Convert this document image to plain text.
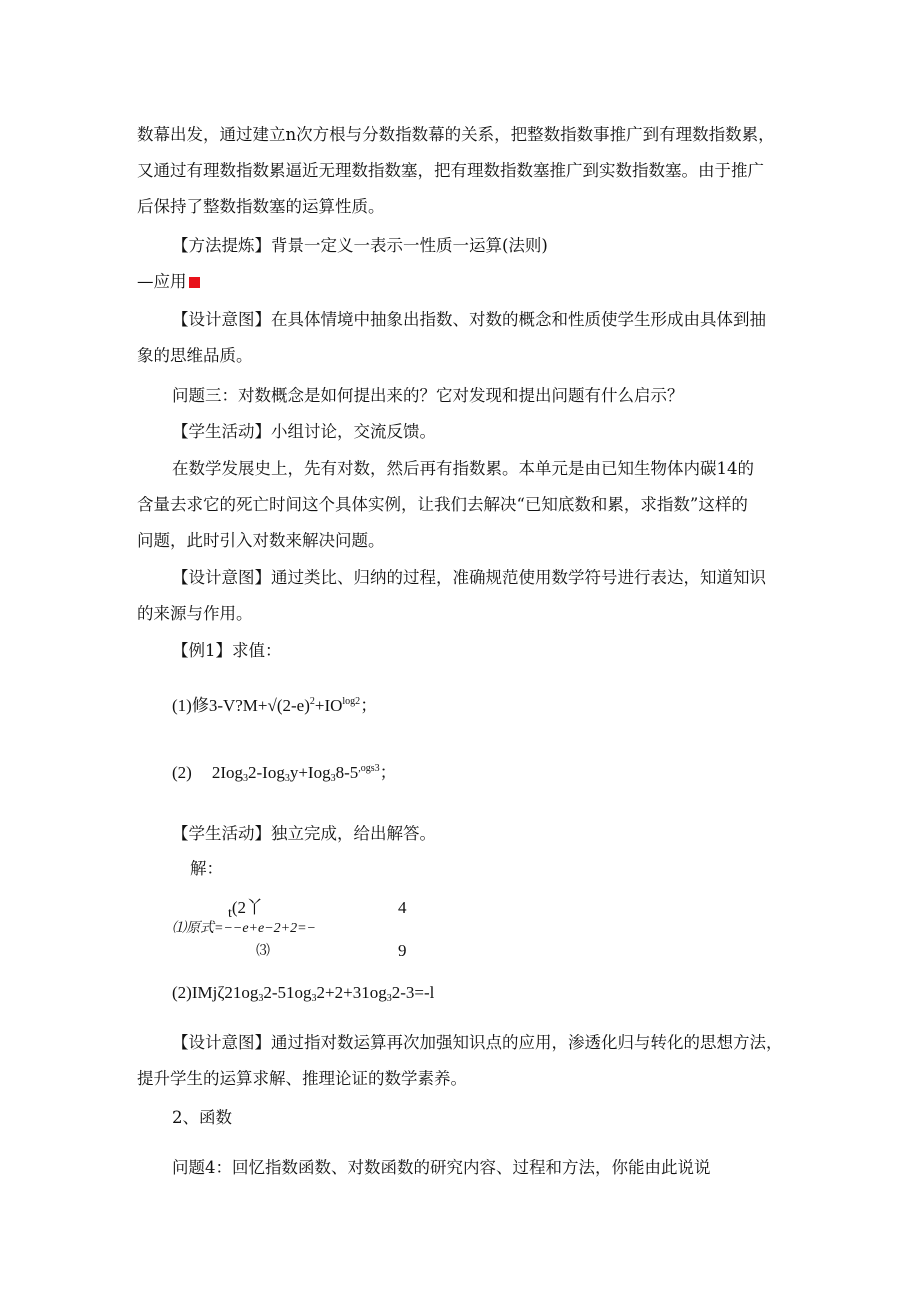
数幕出发，通过建立n次方根与分数指数幕的关系，把整数指数事推广到有理数指数累，
又通过有理数指数累逼近无理数指数塞，把有理数指数塞推广到实数指数塞。由于推广
后保持了整数指数塞的运算性质。
【方法提炼】背景一定义一表示一性质一运算(法则)
—应用
【设计意图】在具体情境中抽象出指数、对数的概念和性质使学生形成由具体到抽
象的思维品质。
问题三：对数概念是如何提出来的？它对发现和提出问题有什么启示？
【学生活动】小组讨论，交流反馈。
在数学发展史上，先有对数，然后再有指数累。本单元是由已知生物体内碳14的
含量去求它的死亡时间这个具体实例，让我们去解决“已知底数和累，求指数”这样的
问题，此时引入对数来解决问题。
【设计意图】通过类比、归纳的过程，准确规范使用数学符号进行表达，知道知识
的来源与作用。
【例1】求值：
(1)修$3-V?M+√(2-e)^2+IO^{log2}$；
(2) $2Iog_32-Iog_3y+Iog_38-5^{,ogs3}$；
【学生活动】独立完成，给出解答。
解：
$_t$(2丫	4
⑴原式=−−e+e−2+2=−
⑶	9
$(2)IMj\zeta 21og_32-51og_32+2+31og_32-3=-l$
【设计意图】通过指对数运算再次加强知识点的应用，渗透化归与转化的思想方法，
提升学生的运算求解、推理论证的数学素养。
2、函数
问题4：回忆指数函数、对数函数的研究内容、过程和方法，你能由此说说
